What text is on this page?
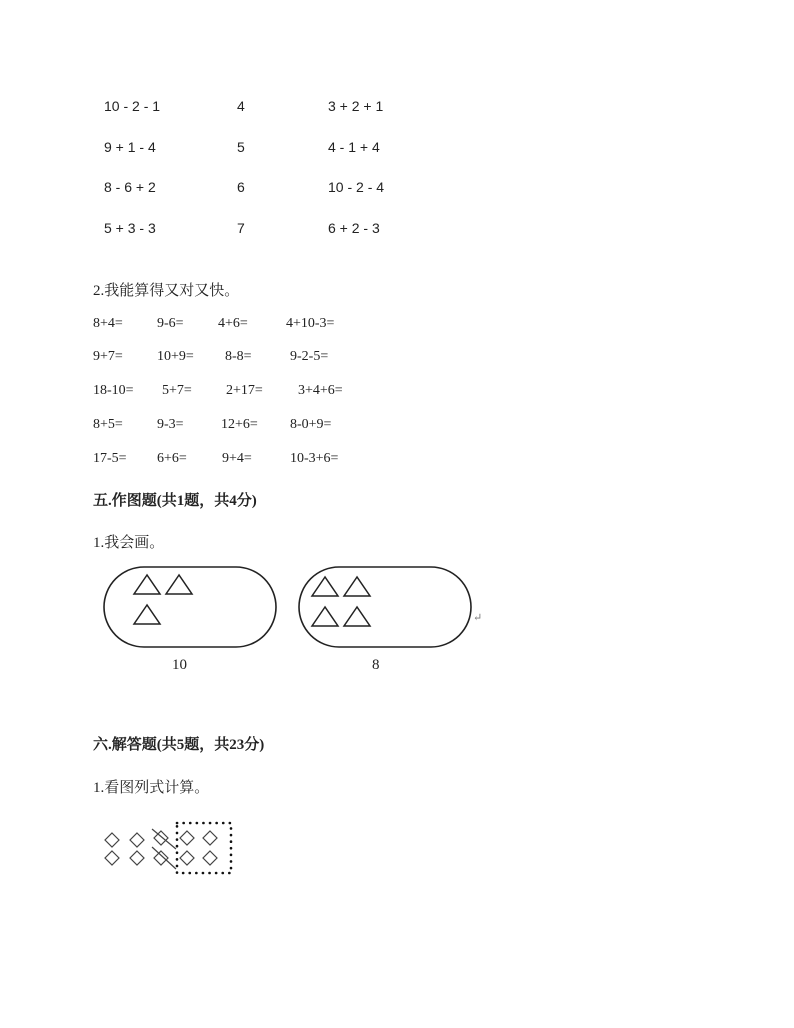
10 - 2 - 1	4	3 + 2 + 1
9 + 1 - 4	5	4 - 1 + 4
8 - 6 + 2	6	10 - 2 - 4
5 + 3 - 3	7	6 + 2 - 3
2.我能算得又对又快。
8+4= 9-6= 4+6=	4+10-3=
9+7= 10+9= 8-8=	9-2-5=
18-10= 5+7= 2+17=	3+4+6=
8+5= 9-3=	12+6= 8-0+9=
17-5= 6+6=	9+4=	10-3+6=
五.作图题(共1题，共4分)
1.我会画。
10	8
↵
六.解答题(共5题，共23分)
1.看图列式计算。
